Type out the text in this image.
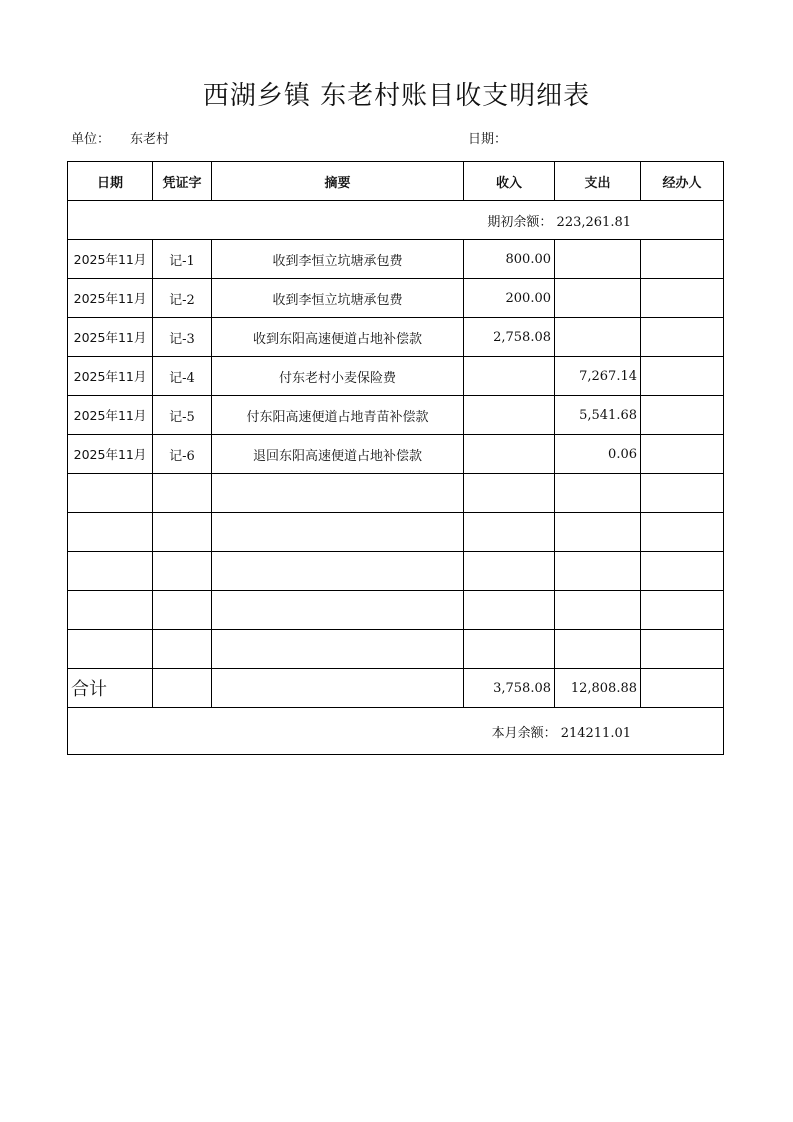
西湖乡镇 东老村账目收支明细表
单位： 东老村	日期：
日期	凭证字	摘要	收入	支出	经办人
期初余额： 223,261.81					
2025年11月	记-1	收到李恒立坑塘承包费	800.00		
2025年11月	记-2	收到李恒立坑塘承包费	200.00		
2025年11月	记-3	收到东阳高速便道占地补偿款	2,758.08		
2025年11月	记-4	付东老村小麦保险费		7,267.14	
2025年11月	记-5	付东阳高速便道占地青苗补偿款		5,541.68	
2025年11月	记-6	退回东阳高速便道占地补偿款		0.06	

合计			3,758.08	12,808.88	
本月余额： 214211.01					
